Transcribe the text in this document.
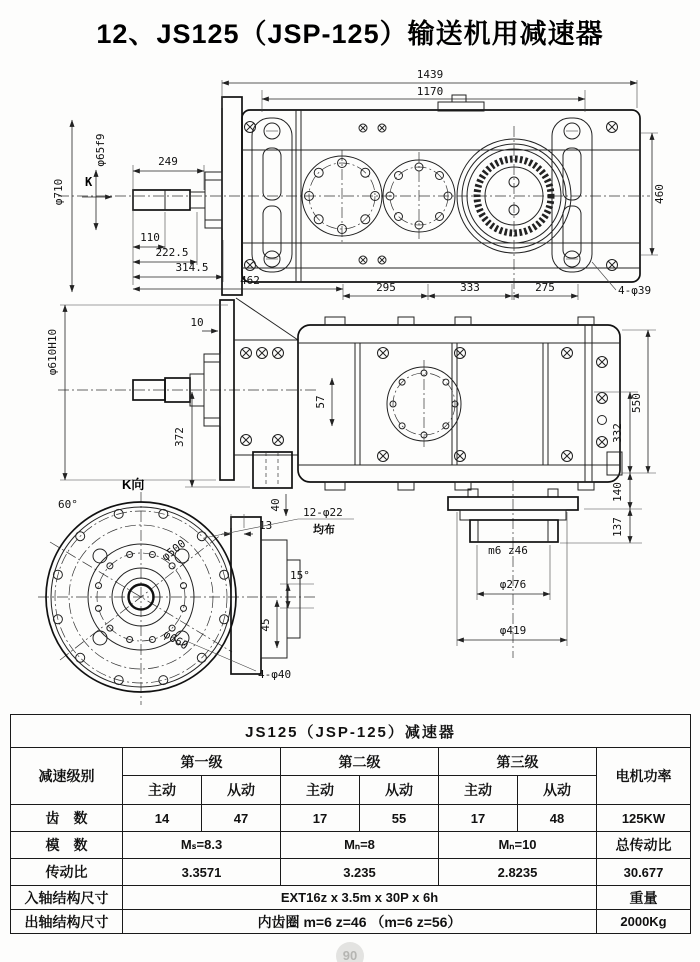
12、JS125（JSP-125）输送机用减速器
φ710 K
φ65f9
1439
1170
249
110
222.5
314.5
460
462
295	333	275	4-φ39
φ610H10
10
372
57	550
332
K向
60°
φ500
φ660
13
40
12-φ22
均布
15°
45
4-φ40
m6 z46
φ276
φ419
140
137
JS125（JSP-125）减速器							
减速级别	第一级		第二级		第三级		电机功率
	主动	从动	主动	从动	主动	从动	
齿　数	14	47	17	55	17	48	125KW
模　数	Mₛ=8.3		Mₙ=8		Mₙ=10		总传动比
传动比	3.3571		3.235		2.8235		30.677
入轴结构尺寸	EXT16z x 3.5m x 30P x 6h						重量
出轴结构尺寸	内齿圈 m=6 z=46 （m=6 z=56）						2000Kg
90
